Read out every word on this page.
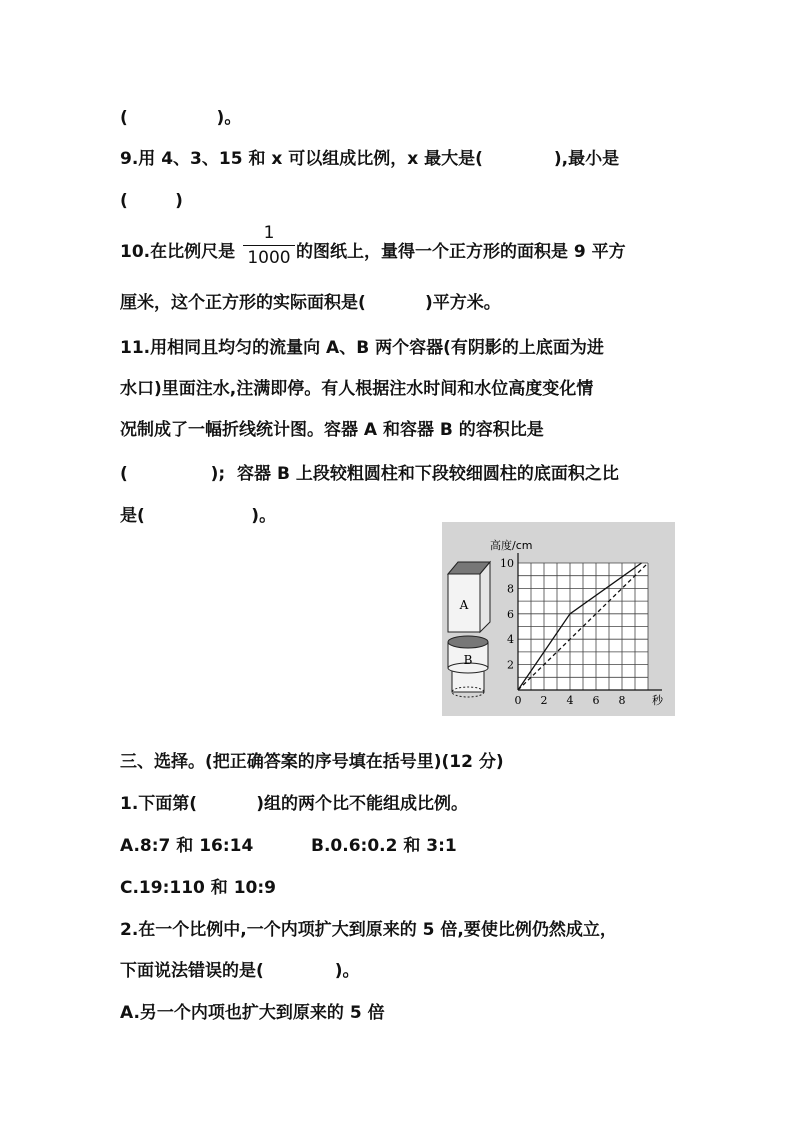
(               )。
9.用 4、3、15 和 x 可以组成比例，x 最大是(            ),最小是
(        )
10.在比例尺是
1
1000 的图纸上，量得一个正方形的面积是 9 平方
厘米，这个正方形的实际面积是(          )平方米。
11.用相同且均匀的流量向 A、B 两个容器(有阴影的上底面为进
水口)里面注水,注满即停。有人根据注水时间和水位高度变化情
况制成了一幅折线统计图。容器 A 和容器 B 的容积比是
(              );  容器 B 上段较粗圆柱和下段较细圆柱的底面积之比
是(                  )。
A
B	2
4
6
8
10
0 2 4 6 8
高度/cm
秒
三、选择。(把正确答案的序号填在括号里)(12 分)
1.下面第(          )组的两个比不能组成比例。
A.8:7 和 16:14	B.0.6:0.2 和 3:1
C.19:110 和 10:9
2.在一个比例中,一个内项扩大到原来的 5 倍,要使比例仍然成立，
下面说法错误的是(            )。
A.另一个内项也扩大到原来的 5 倍
